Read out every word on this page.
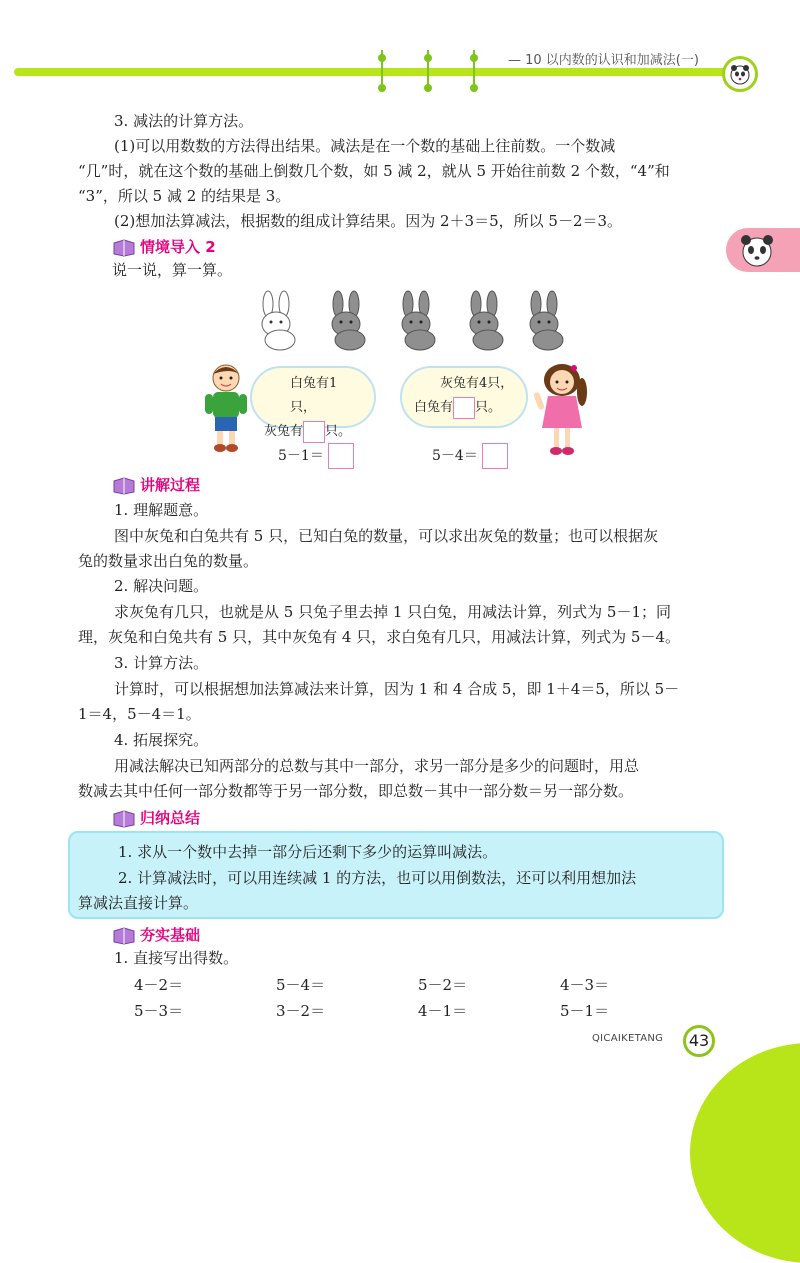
— 10 以内数的认识和加减法(一)
3. 减法的计算方法。
(1)可以用数数的方法得出结果。减法是在一个数的基础上往前数。一个数减
“几”时，就在这个数的基础上倒数几个数，如 5 减 2，就从 5 开始往前数 2 个数，“4”和
“3”，所以 5 减 2 的结果是 3。
(2)想加法算减法，根据数的组成计算结果。因为 2＋3＝5，所以 5－2＝3。
情境导入 2
说一说，算一算。
白兔有1只，
灰兔有 只。
灰兔有4只，
白兔有 只。
5－1＝	5－4＝
讲解过程
1. 理解题意。
图中灰兔和白兔共有 5 只，已知白兔的数量，可以求出灰兔的数量；也可以根据灰
兔的数量求出白兔的数量。
2. 解决问题。
求灰兔有几只，也就是从 5 只兔子里去掉 1 只白兔，用减法计算，列式为 5－1；同
理，灰兔和白兔共有 5 只，其中灰兔有 4 只，求白兔有几只，用减法计算，列式为 5－4。
3. 计算方法。
计算时，可以根据想加法算减法来计算，因为 1 和 4 合成 5，即 1＋4＝5，所以 5－
1＝4，5－4＝1。
4. 拓展探究。
用减法解决已知两部分的总数与其中一部分，求另一部分是多少的问题时，用总
数减去其中任何一部分数都等于另一部分数，即总数－其中一部分数＝另一部分数。
归纳总结
1. 求从一个数中去掉一部分后还剩下多少的运算叫减法。
2. 计算减法时，可以用连续减 1 的方法，也可以用倒数法，还可以利用想加法
算减法直接计算。
夯实基础
1. 直接写出得数。
4－2＝	5－4＝	5－2＝	4－3＝
5－3＝	3－2＝	4－1＝	5－1＝
QICAIKETANG	43
